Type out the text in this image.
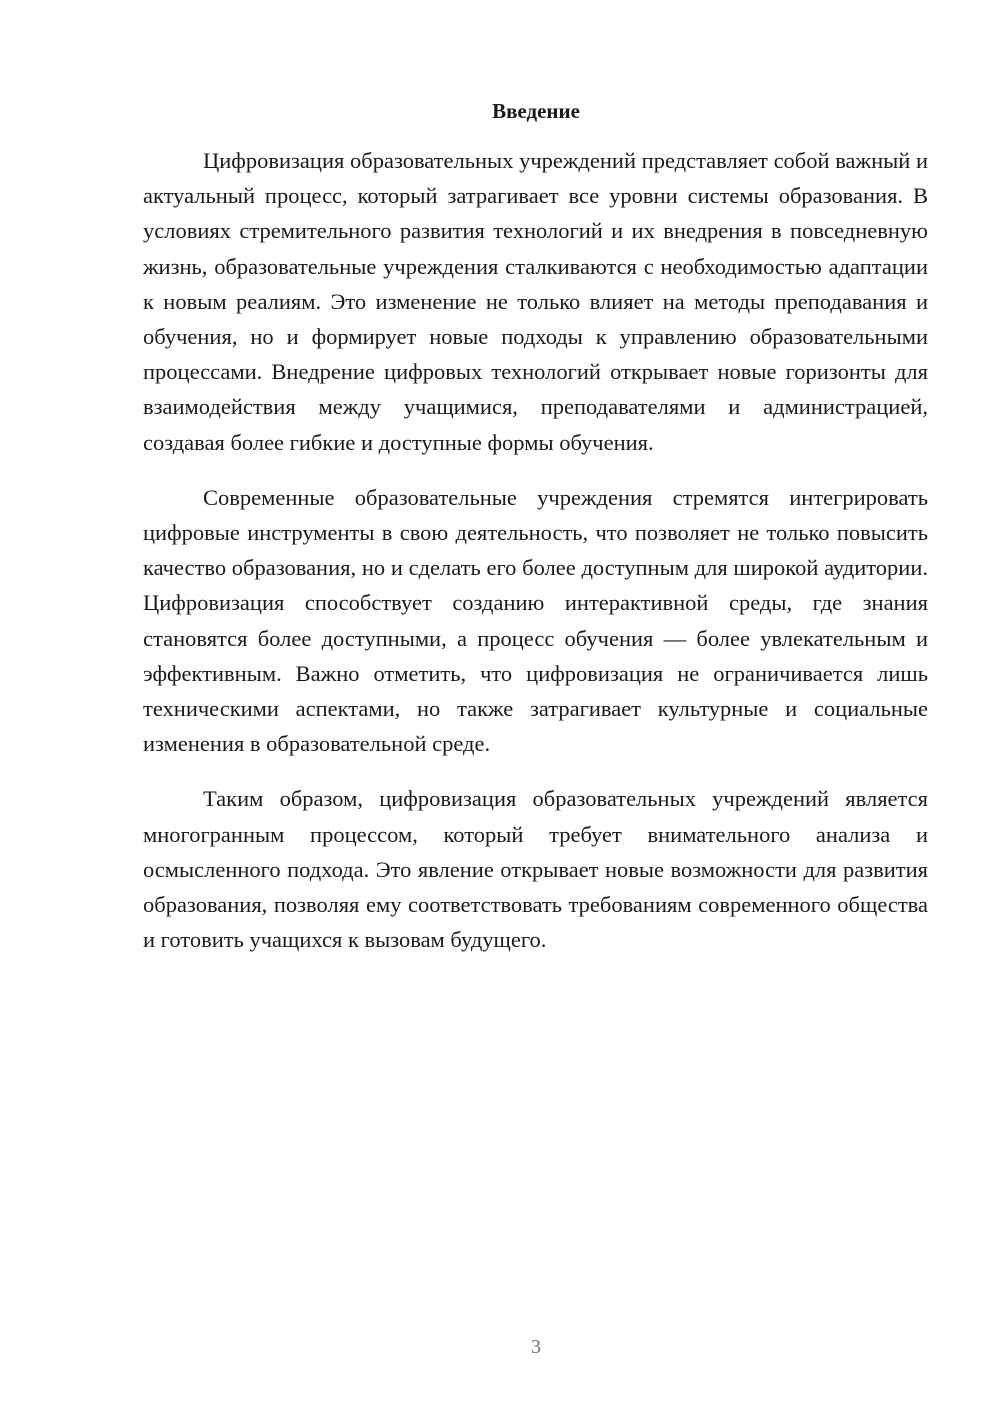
Введение

Цифровизация образовательных учреждений представляет собой важный и актуальный процесс, который затрагивает все уровни системы образования. В условиях стремительного развития технологий и их внедрения в повседневную жизнь, образовательные учреждения сталкиваются с необходимостью адаптации к новым реалиям. Это изменение не только влияет на методы преподавания и обучения, но и формирует новые подходы к управлению образовательными процессами. Внедрение цифровых технологий открывает новые горизонты для взаимодействия между учащимися, преподавателями и администрацией, создавая более гибкие и доступные формы обучения.

Современные образовательные учреждения стремятся интегрировать цифровые инструменты в свою деятельность, что позволяет не только повысить качество образования, но и сделать его более доступным для широкой аудитории. Цифровизация способствует созданию интерактивной среды, где знания становятся более доступными, а процесс обучения — более увлекательным и эффективным. Важно отметить, что цифровизация не ограничивается лишь техническими аспектами, но также затрагивает культурные и социальные изменения в образовательной среде.

Таким образом, цифровизация образовательных учреждений является многогранным процессом, который требует внимательного анализа и осмысленного подхода. Это явление открывает новые возможности для развития образования, позволяя ему соответствовать требованиям современного общества и готовить учащихся к вызовам будущего.

3
